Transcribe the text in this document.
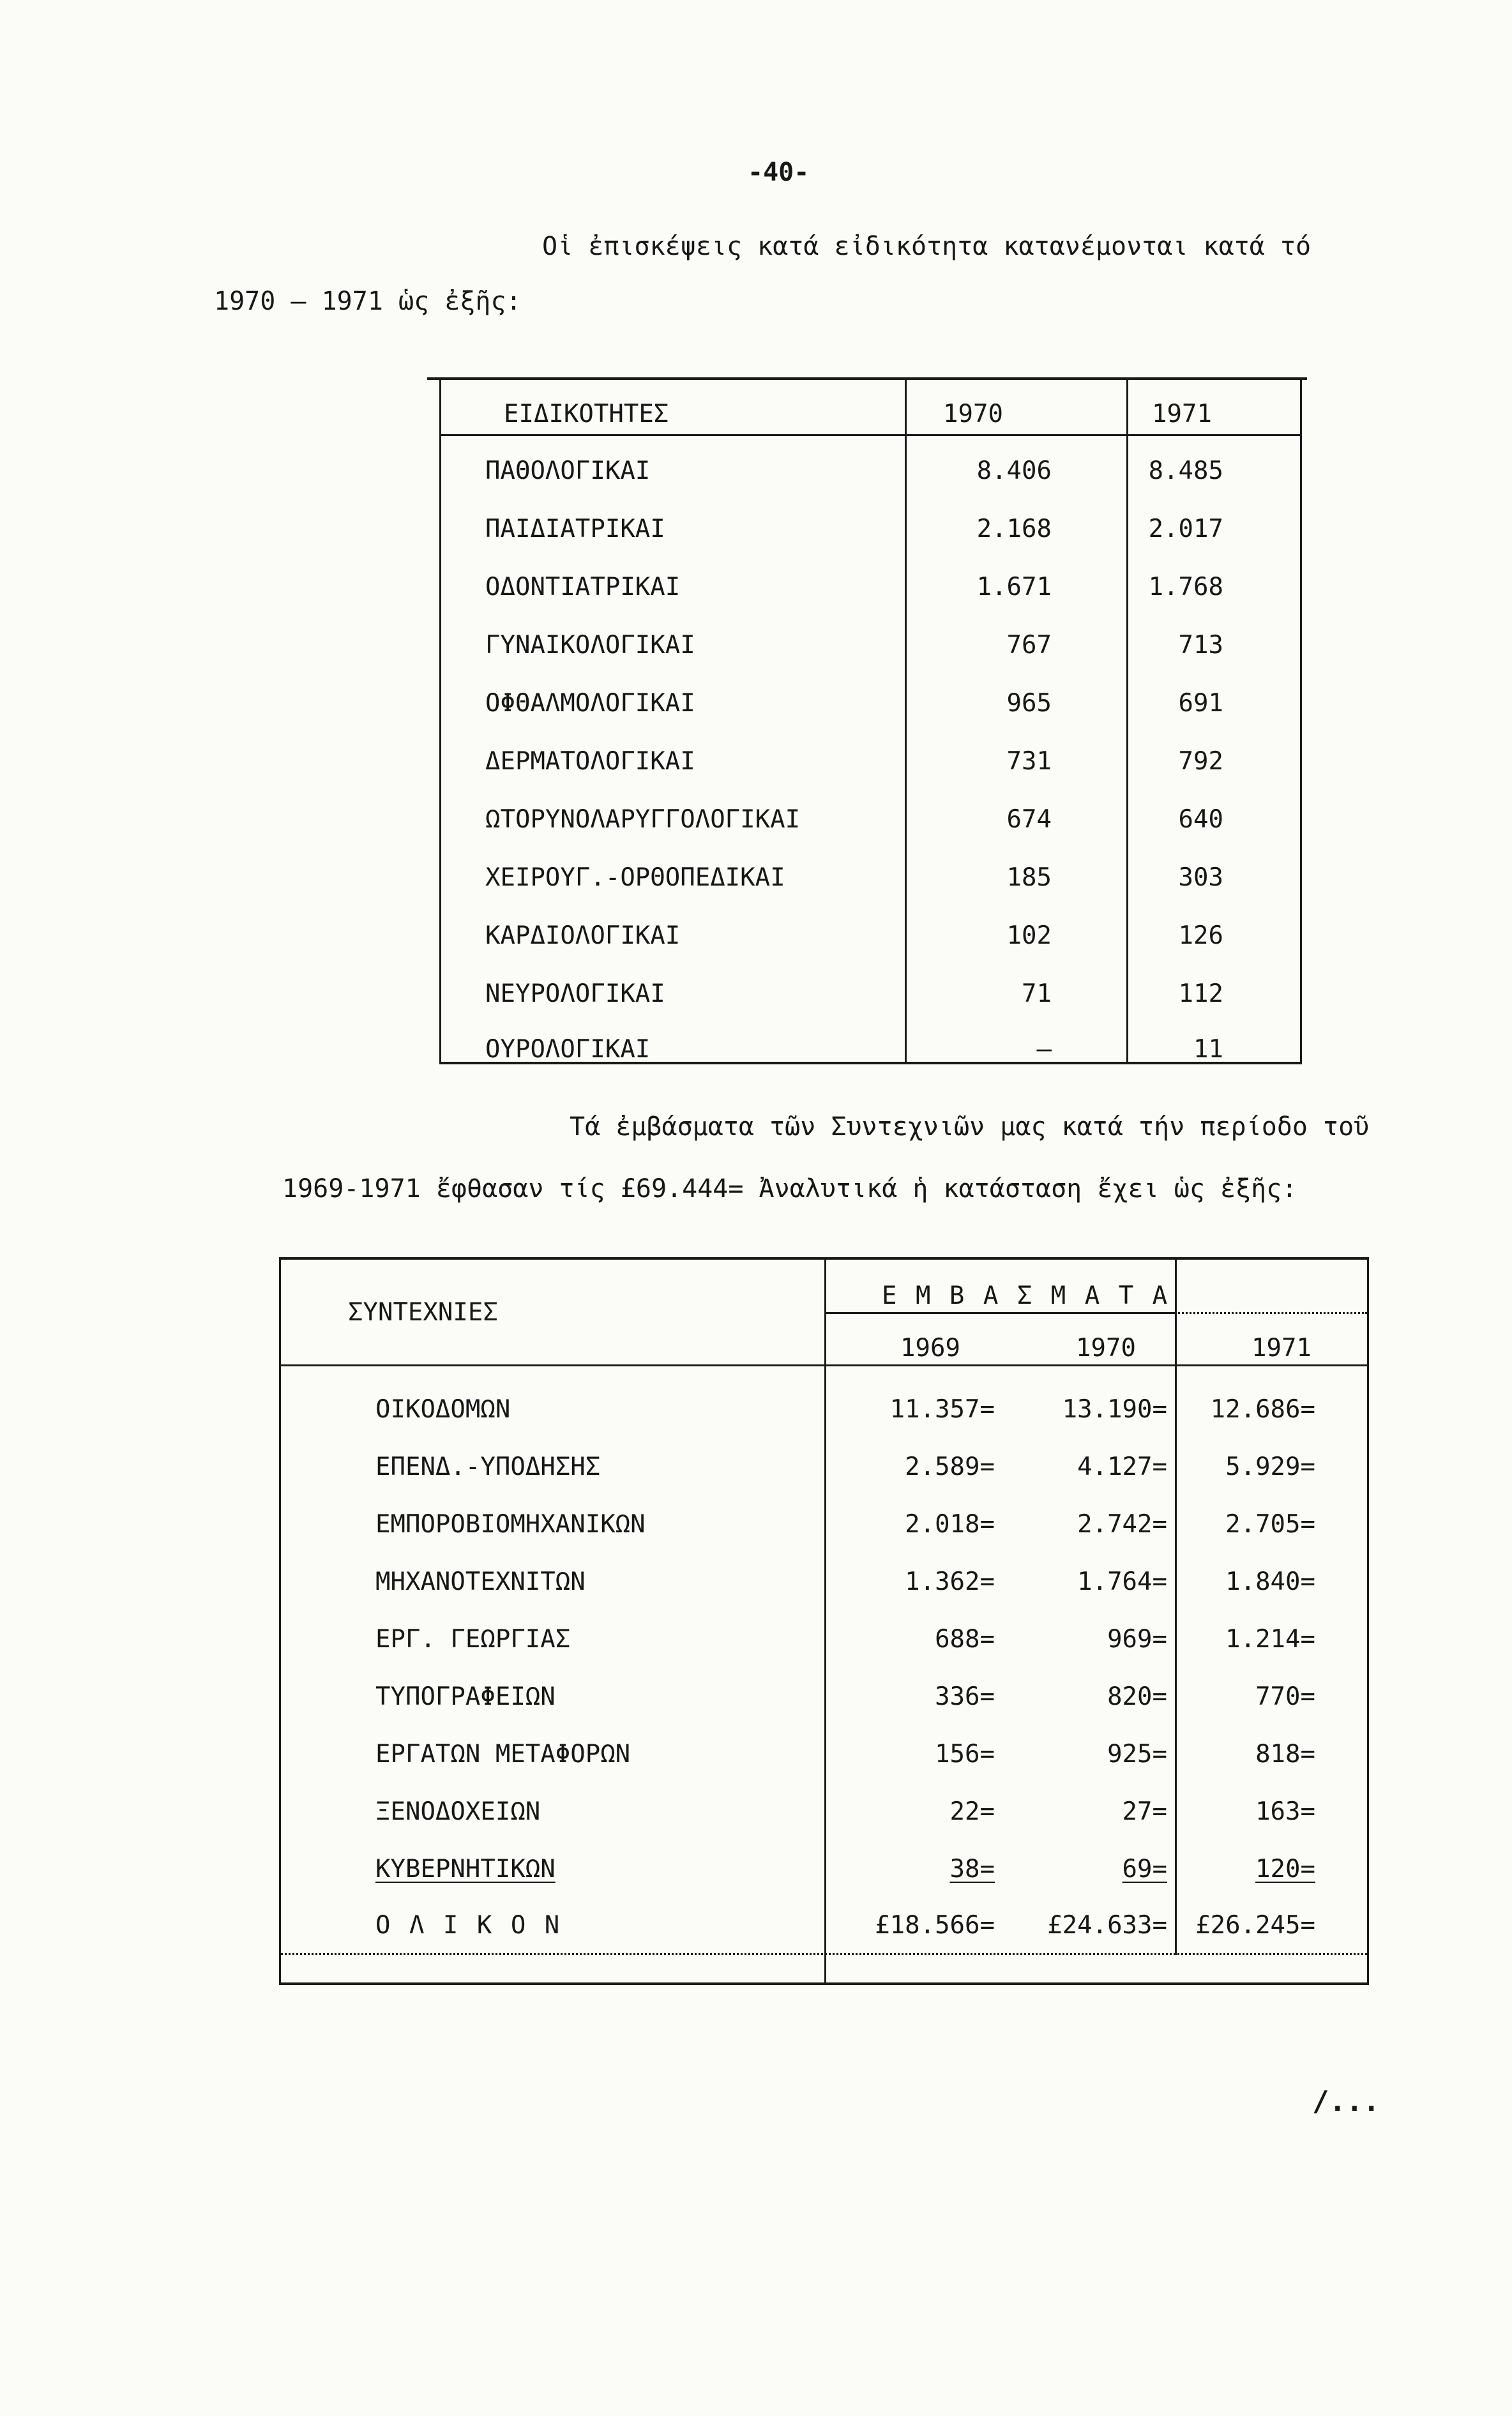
-40-
Οἱ ἐπισκέψεις κατά εἰδικότητα κατανέμονται κατά τό
1970 – 1971 ὡς ἐξῆς:
ΕΙΔΙΚΟΤΗΤΕΣ	1970	1971
ΠΑΘΟΛΟΓΙΚΑΙ	8.406	8.485
ΠΑΙΔΙΑΤΡΙΚΑΙ	2.168	2.017
ΟΔΟΝΤΙΑΤΡΙΚΑΙ	1.671	1.768
ΓΥΝΑΙΚΟΛΟΓΙΚΑΙ	767	713
ΟΦΘΑΛΜΟΛΟΓΙΚΑΙ	965	691
ΔΕΡΜΑΤΟΛΟΓΙΚΑΙ	731	792
ΩΤΟΡΥΝΟΛΑΡΥΓΓΟΛΟΓΙΚΑΙ	674	640
ΧΕΙΡΟΥΓ.-ΟΡΘΟΠΕΔΙΚΑΙ	185	303
ΚΑΡΔΙΟΛΟΓΙΚΑΙ	102	126
ΝΕΥΡΟΛΟΓΙΚΑΙ	71	112
ΟΥΡΟΛΟΓΙΚΑΙ	–	11
Τά ἐμβάσματα τῶν Συντεχνιῶν μας κατά τήν περίοδο τοῦ
1969-1971 ἔφθασαν τίς £69.444= Ἀναλυτικά ἡ κατάσταση ἔχει ὡς ἐξῆς:
ΣΥΝΤΕΧΝΙΕΣ
Ε Μ Β Α Σ Μ Α Τ Α
1969	1970	1971
ΟΙΚΟΔΟΜΩΝ	11.357=	13.190=	12.686=
ΕΠΕΝΔ.-ΥΠΟΔΗΣΗΣ	2.589=	4.127=	5.929=
ΕΜΠΟΡΟΒΙΟΜΗΧΑΝΙΚΩΝ	2.018=	2.742=	2.705=
ΜΗΧΑΝΟΤΕΧΝΙΤΩΝ	1.362=	1.764=	1.840=
ΕΡΓ. ΓΕΩΡΓΙΑΣ	688=	969=	1.214=
ΤΥΠΟΓΡΑΦΕΙΩΝ	336=	820=	770=
ΕΡΓΑΤΩΝ ΜΕΤΑΦΟΡΩΝ	156=	925=	818=
ΞΕΝΟΔΟΧΕΙΩΝ	22=	27=	163=
ΚΥΒΕΡΝΗΤΙΚΩΝ	38=	69=	120=
Ο Λ Ι Κ Ο Ν	£18.566=	£24.633=	£26.245=
/...
